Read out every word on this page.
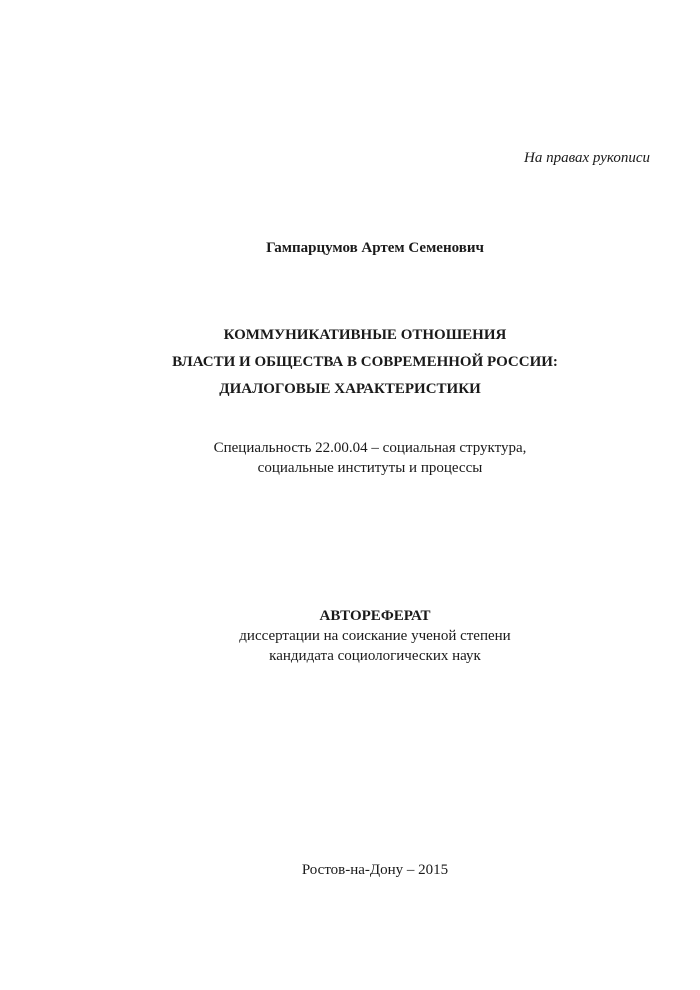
На правах рукописи
Гампарцумов Артем Семенович
КОММУНИКАТИВНЫЕ ОТНОШЕНИЯ
ВЛАСТИ И ОБЩЕСТВА В СОВРЕМЕННОЙ РОССИИ:
ДИАЛОГОВЫЕ ХАРАКТЕРИСТИКИ
Специальность 22.00.04 – социальная структура,
социальные институты и процессы
АВТОРЕФЕРАТ
диссертации на соискание ученой степени
кандидата социологических наук
Ростов-на-Дону – 2015
